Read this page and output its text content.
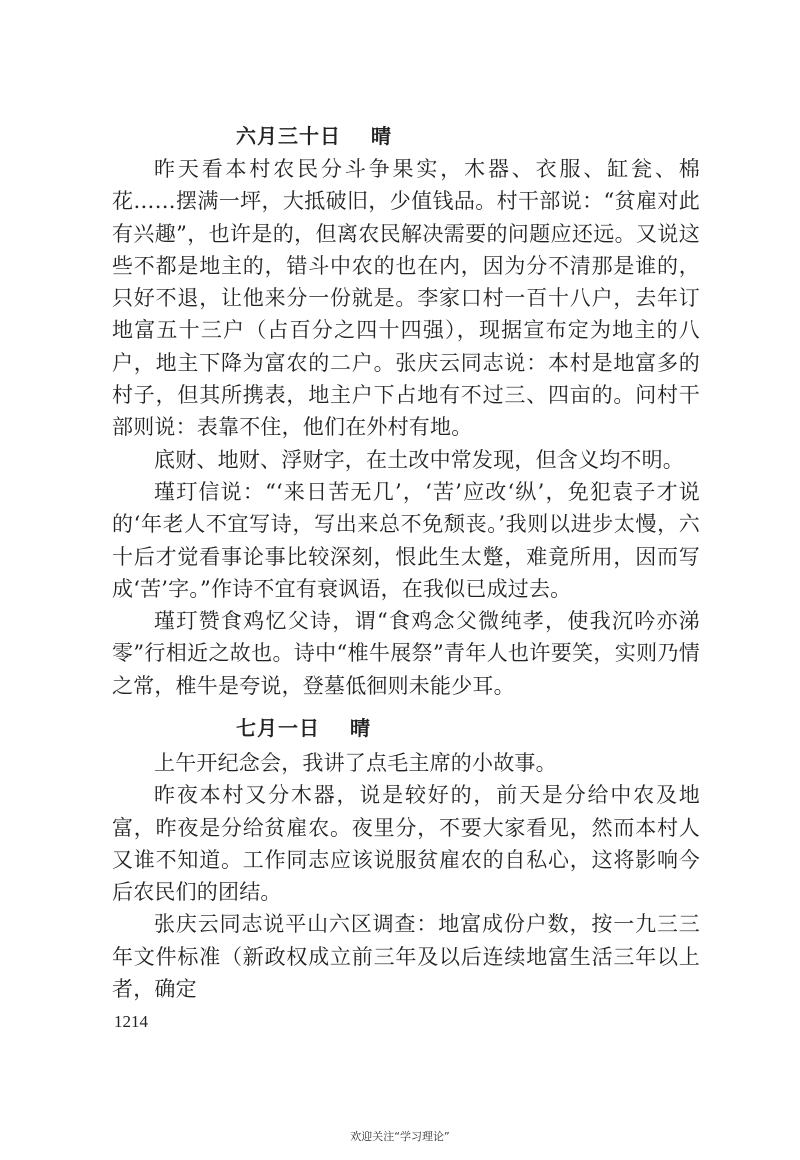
六月三十日 晴

昨天看本村农民分斗争果实，木器、衣服、缸瓮、棉花……摆满一坪，大抵破旧，少值钱品。村干部说：“贫雇对此有兴趣”，也许是的，但离农民解决需要的问题应还远。又说这些不都是地主的，错斗中农的也在内，因为分不清那是谁的，只好不退，让他来分一份就是。李家口村一百十八户，去年订地富五十三户（占百分之四十四强），现据宣布定为地主的八户，地主下降为富农的二户。张庆云同志说：本村是地富多的村子，但其所携表，地主户下占地有不过三、四亩的。问村干部则说：表靠不住，他们在外村有地。

底财、地财、浮财字，在土改中常发现，但含义均不明。

瑾玎信说：“‘来日苦无几’，‘苦’应改‘纵’，免犯袁子才说的‘年老人不宜写诗，写出来总不免颓丧。’我则以进步太慢，六十后才觉看事论事比较深刻，恨此生太蹩，难竟所用，因而写成‘苦’字。”作诗不宜有衰讽语，在我似已成过去。

瑾玎赞食鸡忆父诗，谓“食鸡念父微纯孝，使我沉吟亦涕零”行相近之故也。诗中“椎牛展祭”青年人也许要笑，实则乃情之常，椎牛是夸说，登墓低徊则未能少耳。

七月一日 晴

上午开纪念会，我讲了点毛主席的小故事。

昨夜本村又分木器，说是较好的，前天是分给中农及地富，昨夜是分给贫雇农。夜里分，不要大家看见，然而本村人又谁不知道。工作同志应该说服贫雇农的自私心，这将影响今后农民们的团结。

张庆云同志说平山六区调查：地富成份户数，按一九三三年文件标准（新政权成立前三年及以后连续地富生活三年以上者，确定

1214
欢迎关注“学习理论”
